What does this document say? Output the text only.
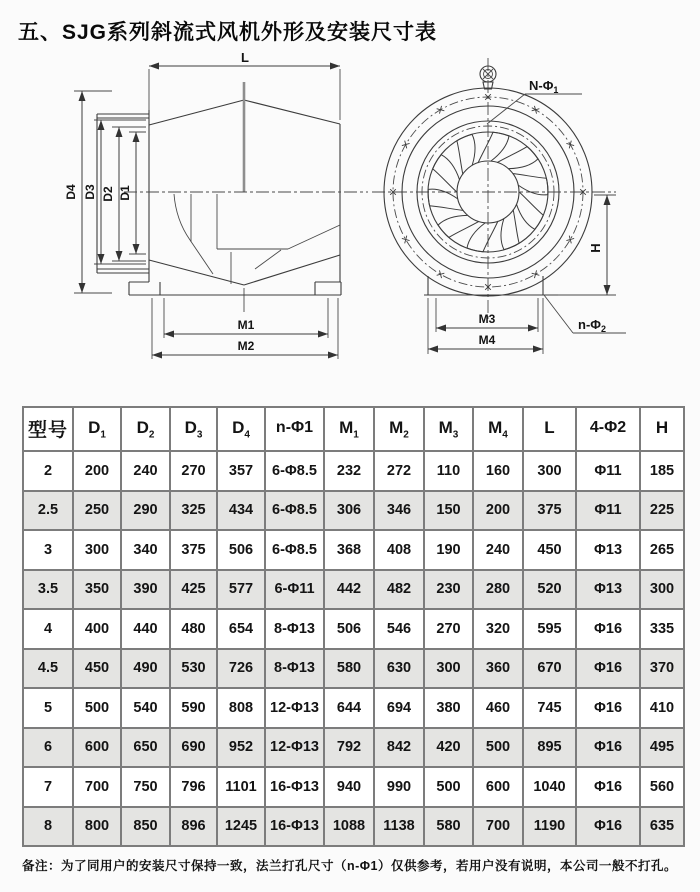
五、SJG系列斜流式风机外形及安装尺寸表
L
D4 D3 D2 D1
M1
M2
M3
M4
H
$N-\Phi_1$
$n-\Phi_2$
型号	$D_1$	$D_2$	$D_3$	$D_4$	n-Φ1	$M_1$	$M_2$	$M_3$	$M_4$	L	4-Φ2	H
2	200	240	270	357	6-Φ8.5	232	272	110	160	300	Φ11	185
2.5	250	290	325	434	6-Φ8.5	306	346	150	200	375	Φ11	225
3	300	340	375	506	6-Φ8.5	368	408	190	240	450	Φ13	265
3.5	350	390	425	577	6-Φ11	442	482	230	280	520	Φ13	300
4	400	440	480	654	8-Φ13	506	546	270	320	595	Φ16	335
4.5	450	490	530	726	8-Φ13	580	630	300	360	670	Φ16	370
5	500	540	590	808	12-Φ13	644	694	380	460	745	Φ16	410
6	600	650	690	952	12-Φ13	792	842	420	500	895	Φ16	495
7	700	750	796	1101	16-Φ13	940	990	500	600	1040	Φ16	560
8	800	850	896	1245	16-Φ13	1088	1138	580	700	1190	Φ16	635
备注：为了同用户的安装尺寸保持一致，法兰打孔尺寸（n-Φ1）仅供参考，若用户没有说明，本公司一般不打孔。
